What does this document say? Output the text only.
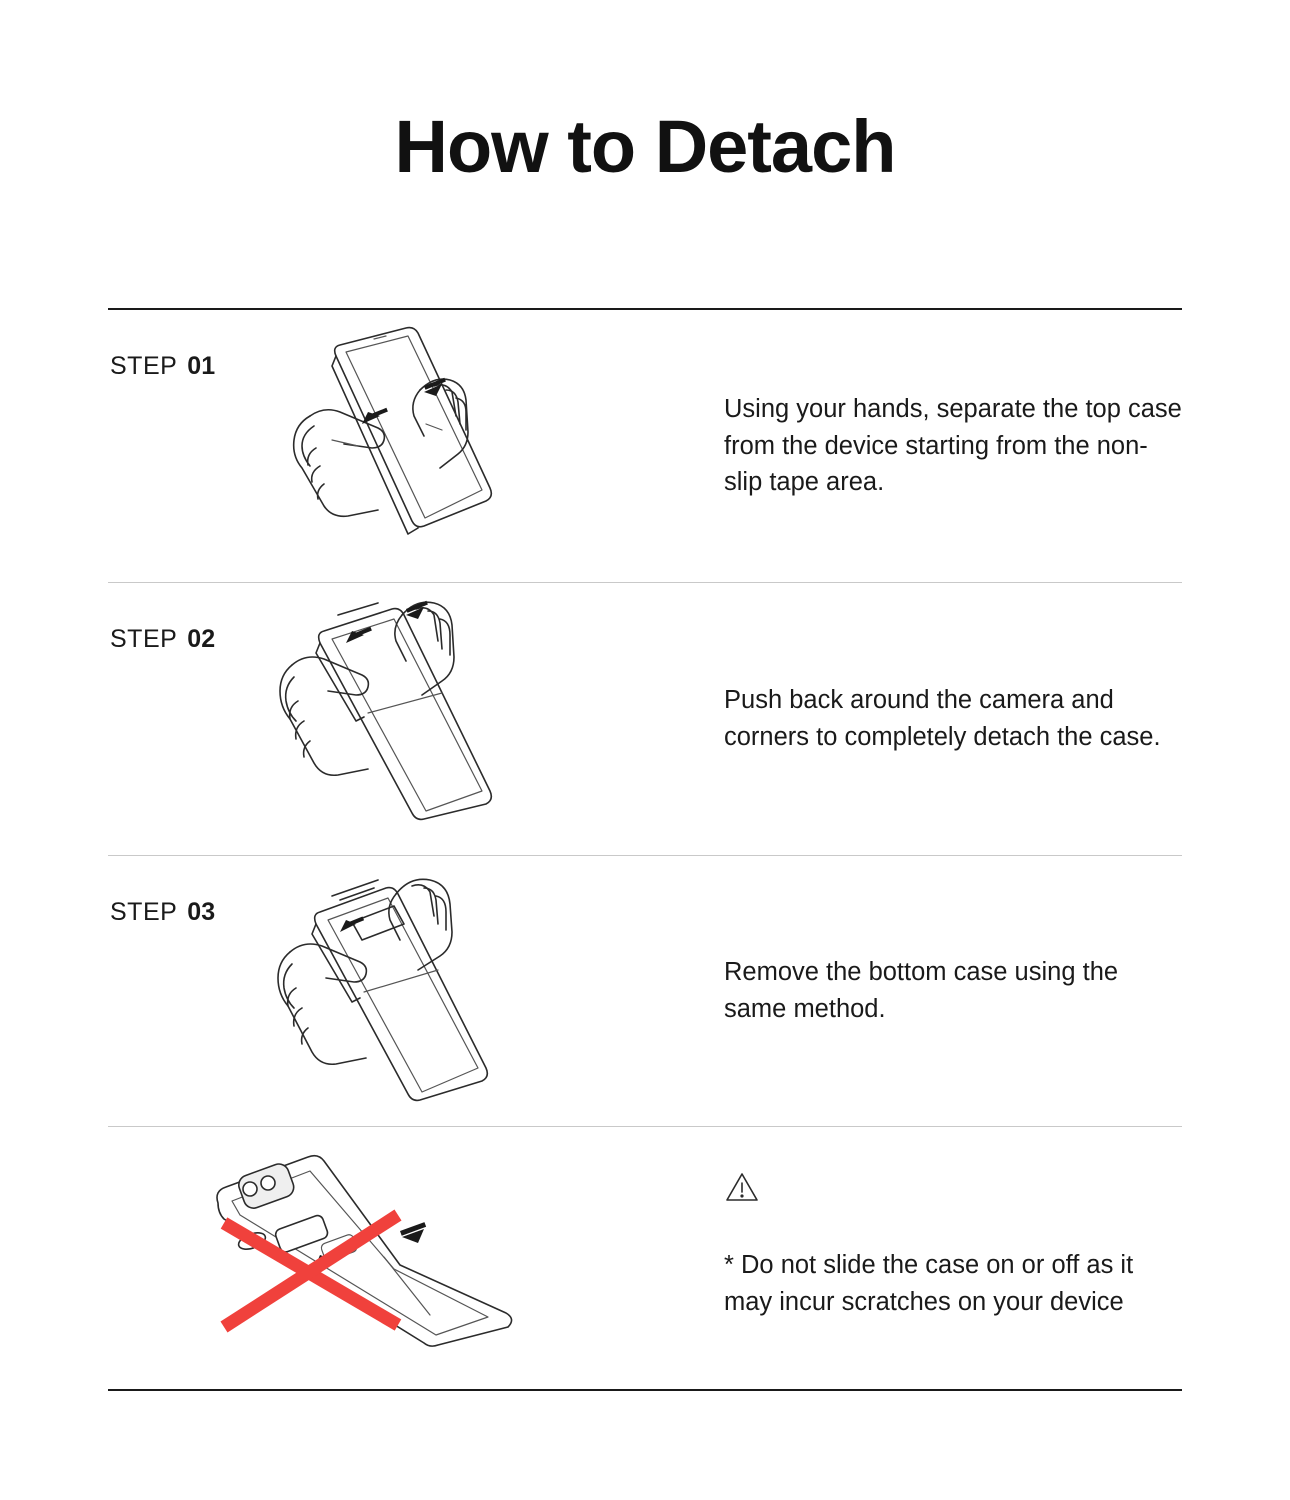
How to Detach
STEP 01

Using your hands, separate the top case from the device starting from the non-slip tape area.

STEP 02

Push back around the camera and corners to completely detach the case.

STEP 03

Remove the bottom case using the same method.

* Do not slide the case on or off as it may incur scratches on your device
